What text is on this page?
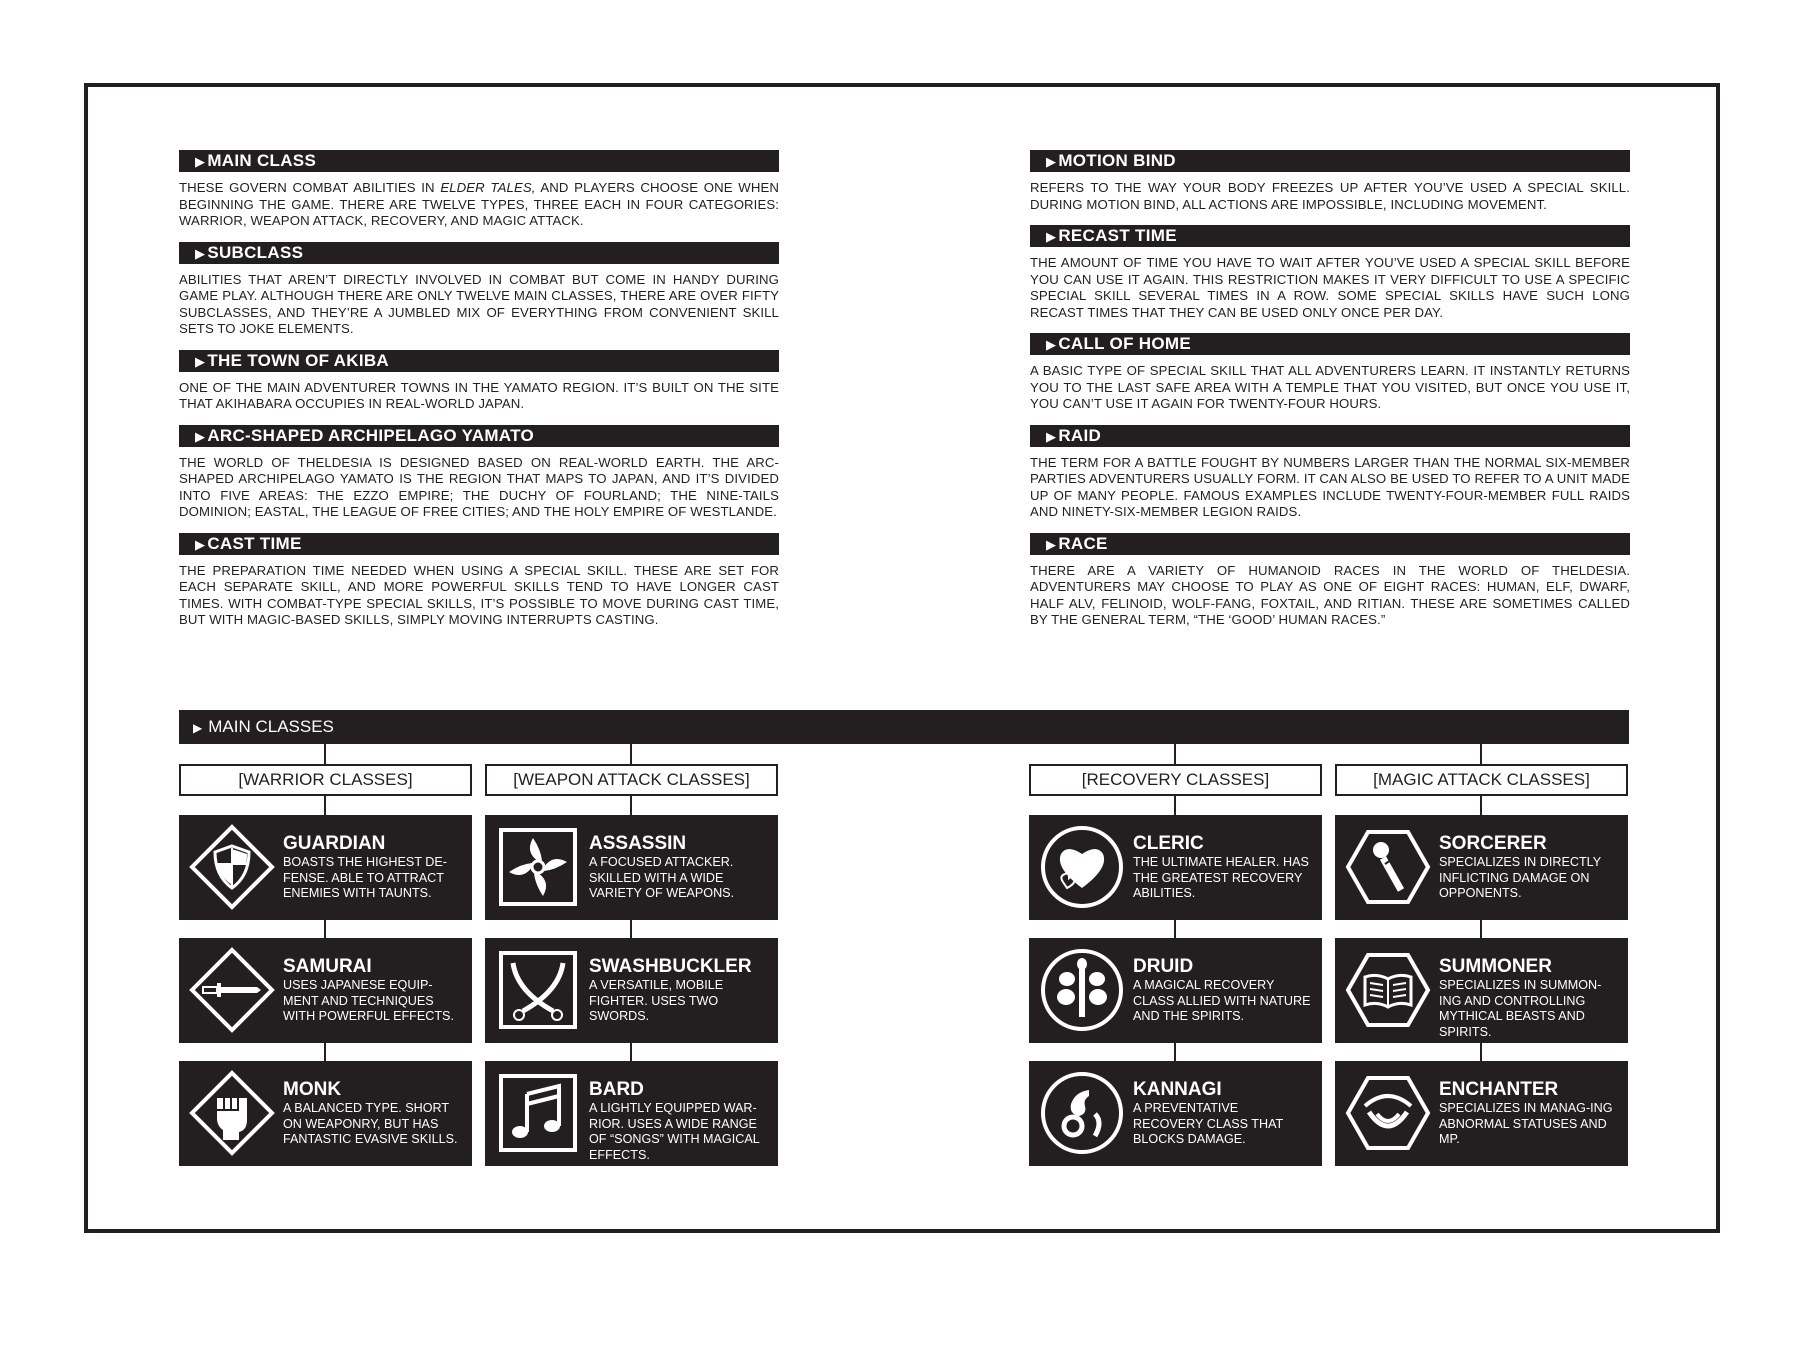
▶ MAIN CLASS

THESE GOVERN COMBAT ABILITIES IN ELDER TALES, AND PLAYERS CHOOSE ONE WHEN BEGINNING THE GAME. THERE ARE TWELVE TYPES, THREE EACH IN FOUR CATEGORIES: WARRIOR, WEAPON ATTACK, RECOVERY, AND MAGIC ATTACK.

▶ SUBCLASS

ABILITIES THAT AREN’T DIRECTLY INVOLVED IN COMBAT BUT COME IN HANDY DURING GAME PLAY. ALTHOUGH THERE ARE ONLY TWELVE MAIN CLASSES, THERE ARE OVER FIFTY SUBCLASSES, AND THEY’RE A JUMBLED MIX OF EVERYTHING FROM CONVENIENT SKILL SETS TO JOKE ELEMENTS.

▶ THE TOWN OF AKIBA

ONE OF THE MAIN ADVENTURER TOWNS IN THE YAMATO REGION. IT’S BUILT ON THE SITE THAT AKIHABARA OCCUPIES IN REAL-WORLD JAPAN.

▶ ARC-SHAPED ARCHIPELAGO YAMATO

THE WORLD OF THELDESIA IS DESIGNED BASED ON REAL-WORLD EARTH. THE ARC-SHAPED ARCHIPELAGO YAMATO IS THE REGION THAT MAPS TO JAPAN, AND IT’S DIVIDED INTO FIVE AREAS: THE EZZO EMPIRE; THE DUCHY OF FOURLAND; THE NINE-TAILS DOMINION; EASTAL, THE LEAGUE OF FREE CITIES; AND THE HOLY EMPIRE OF WESTLANDE.

▶ CAST TIME

THE PREPARATION TIME NEEDED WHEN USING A SPECIAL SKILL. THESE ARE SET FOR EACH SEPARATE SKILL, AND MORE POWERFUL SKILLS TEND TO HAVE LONGER CAST TIMES. WITH COMBAT-TYPE SPECIAL SKILLS, IT’S POSSIBLE TO MOVE DURING CAST TIME, BUT WITH MAGIC-BASED SKILLS, SIMPLY MOVING INTERRUPTS CASTING.

▶ MOTION BIND

REFERS TO THE WAY YOUR BODY FREEZES UP AFTER YOU’VE USED A SPECIAL SKILL. DURING MOTION BIND, ALL ACTIONS ARE IMPOSSIBLE, INCLUDING MOVEMENT.

▶ RECAST TIME

THE AMOUNT OF TIME YOU HAVE TO WAIT AFTER YOU’VE USED A SPECIAL SKILL BEFORE YOU CAN USE IT AGAIN. THIS RESTRICTION MAKES IT VERY DIFFICULT TO USE A SPECIFIC SPECIAL SKILL SEVERAL TIMES IN A ROW. SOME SPECIAL SKILLS HAVE SUCH LONG RECAST TIMES THAT THEY CAN BE USED ONLY ONCE PER DAY.

▶ CALL OF HOME

A BASIC TYPE OF SPECIAL SKILL THAT ALL ADVENTURERS LEARN. IT INSTANTLY RETURNS YOU TO THE LAST SAFE AREA WITH A TEMPLE THAT YOU VISITED, BUT ONCE YOU USE IT, YOU CAN’T USE IT AGAIN FOR TWENTY-FOUR HOURS.

▶ RAID

THE TERM FOR A BATTLE FOUGHT BY NUMBERS LARGER THAN THE NORMAL SIX-MEMBER PARTIES ADVENTURERS USUALLY FORM. IT CAN ALSO BE USED TO REFER TO A UNIT MADE UP OF MANY PEOPLE. FAMOUS EXAMPLES INCLUDE TWENTY-FOUR-MEMBER FULL RAIDS AND NINETY-SIX-MEMBER LEGION RAIDS.

▶ RACE

THERE ARE A VARIETY OF HUMANOID RACES IN THE WORLD OF THELDESIA. ADVENTURERS MAY CHOOSE TO PLAY AS ONE OF EIGHT RACES: HUMAN, ELF, DWARF, HALF ALV, FELINOID, WOLF-FANG, FOXTAIL, AND RITIAN. THESE ARE SOMETIMES CALLED BY THE GENERAL TERM, “THE ‘GOOD’ HUMAN RACES.”

▶ MAIN CLASSES
[WARRIOR CLASSES]	[WEAPON ATTACK CLASSES]	[RECOVERY CLASSES]	[MAGIC ATTACK CLASSES]
GUARDIAN
BOASTS THE HIGHEST DE-FENSE. ABLE TO ATTRACT ENEMIES WITH TAUNTS.
SAMURAI
USES JAPANESE EQUIP-MENT AND TECHNIQUES WITH POWERFUL EFFECTS.
MONK
A BALANCED TYPE. SHORT ON WEAPONRY, BUT HAS FANTASTIC EVASIVE SKILLS.
ASSASSIN
A FOCUSED ATTACKER. SKILLED WITH A WIDE VARIETY OF WEAPONS.
SWASHBUCKLER
A VERSATILE, MOBILE FIGHTER. USES TWO SWORDS.
BARD
A LIGHTLY EQUIPPED WAR-RIOR. USES A WIDE RANGE OF “SONGS” WITH MAGICAL EFFECTS.
CLERIC
THE ULTIMATE HEALER. HAS THE GREATEST RECOVERY ABILITIES.
DRUID
A MAGICAL RECOVERY CLASS ALLIED WITH NATURE AND THE SPIRITS.
KANNAGI
A PREVENTATIVE RECOVERY CLASS THAT BLOCKS DAMAGE.
SORCERER
SPECIALIZES IN DIRECTLY INFLICTING DAMAGE ON OPPONENTS.
SUMMONER
SPECIALIZES IN SUMMON-ING AND CONTROLLING MYTHICAL BEASTS AND SPIRITS.
ENCHANTER
SPECIALIZES IN MANAG-ING ABNORMAL STATUSES AND MP.
